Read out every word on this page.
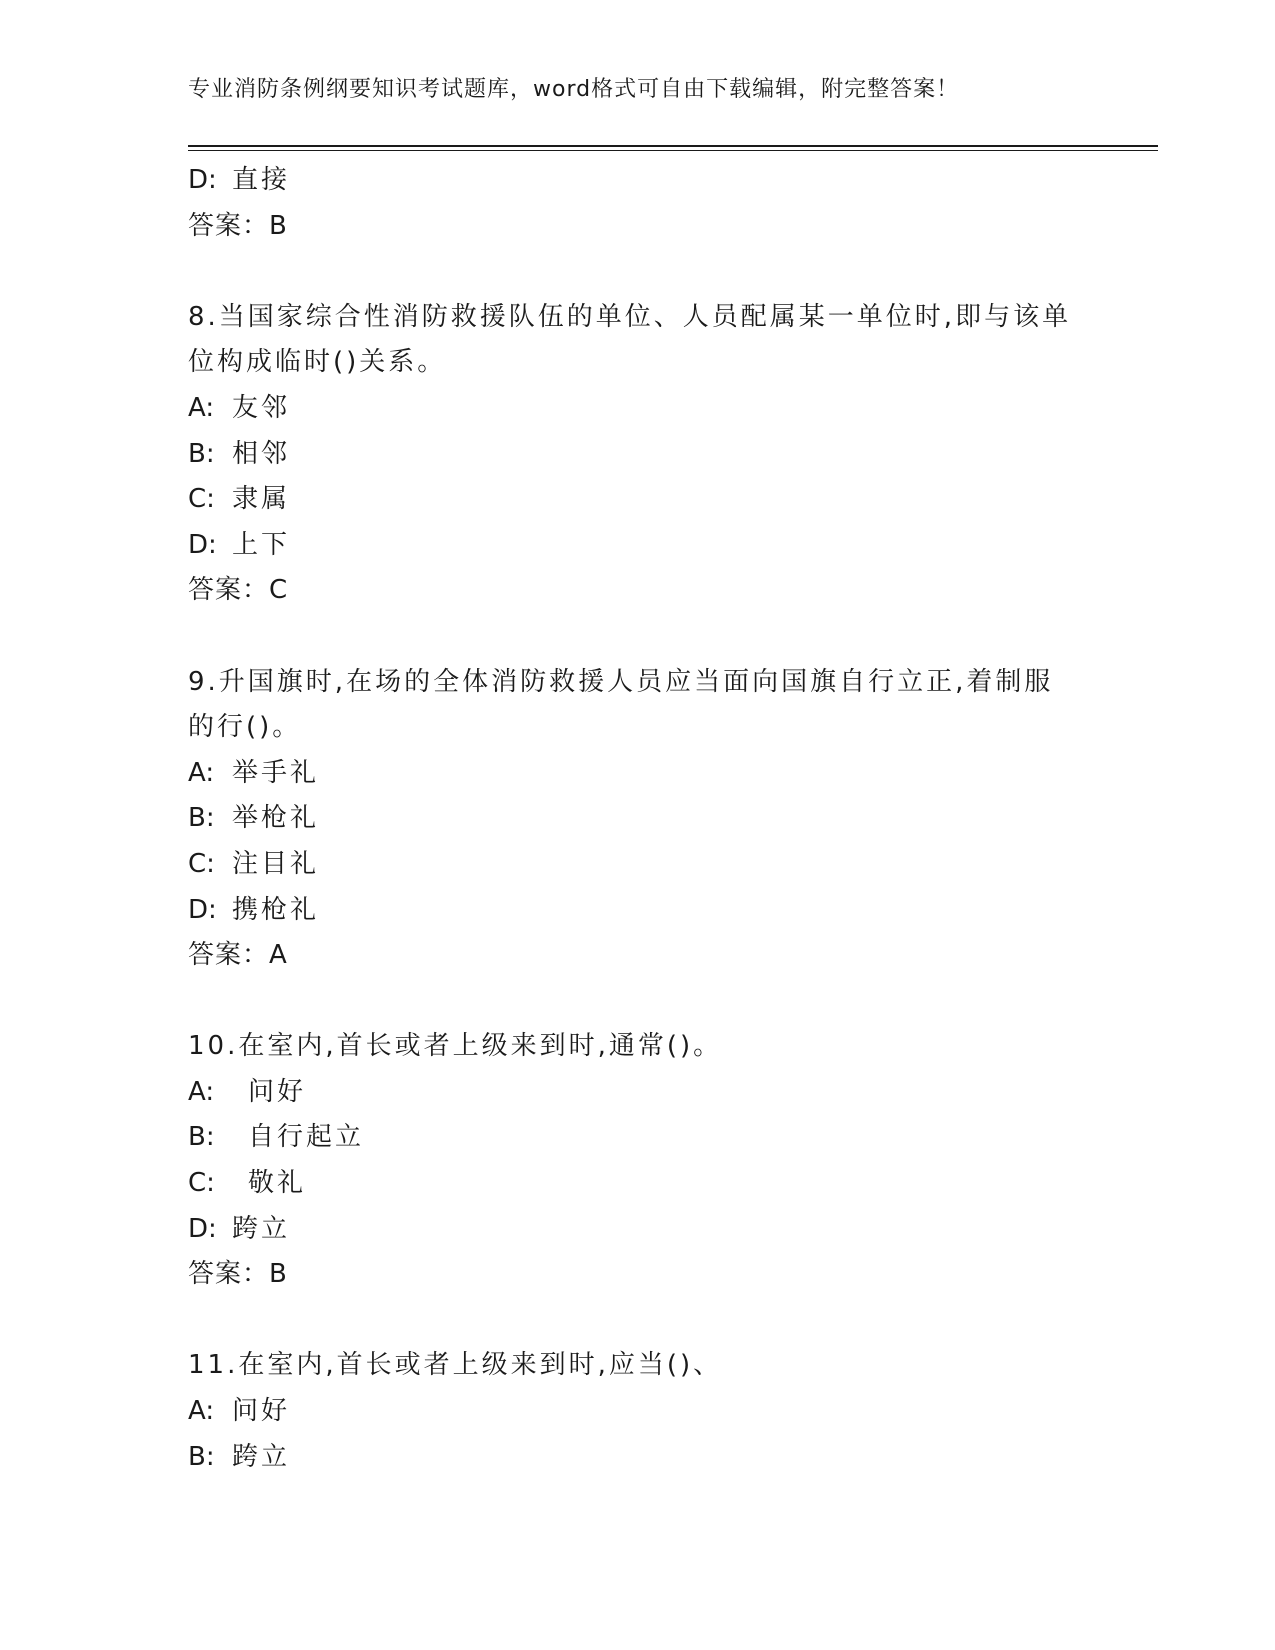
专业消防条例纲要知识考试题库，word格式可自由下载编辑，附完整答案！
D: 直接
答案：B
8.当国家综合性消防救援队伍的单位、人员配属某一单位时,即与该单
位构成临时()关系。
A: 友邻
B: 相邻
C: 隶属
D: 上下
答案：C
9.升国旗时,在场的全体消防救援人员应当面向国旗自行立正,着制服
的行()。
A: 举手礼
B: 举枪礼
C: 注目礼
D: 携枪礼
答案：A
10.在室内,首长或者上级来到时,通常()。
A: 问好
B: 自行起立
C: 敬礼
D: 跨立
答案：B
11.在室内,首长或者上级来到时,应当()、
A: 问好
B: 跨立
